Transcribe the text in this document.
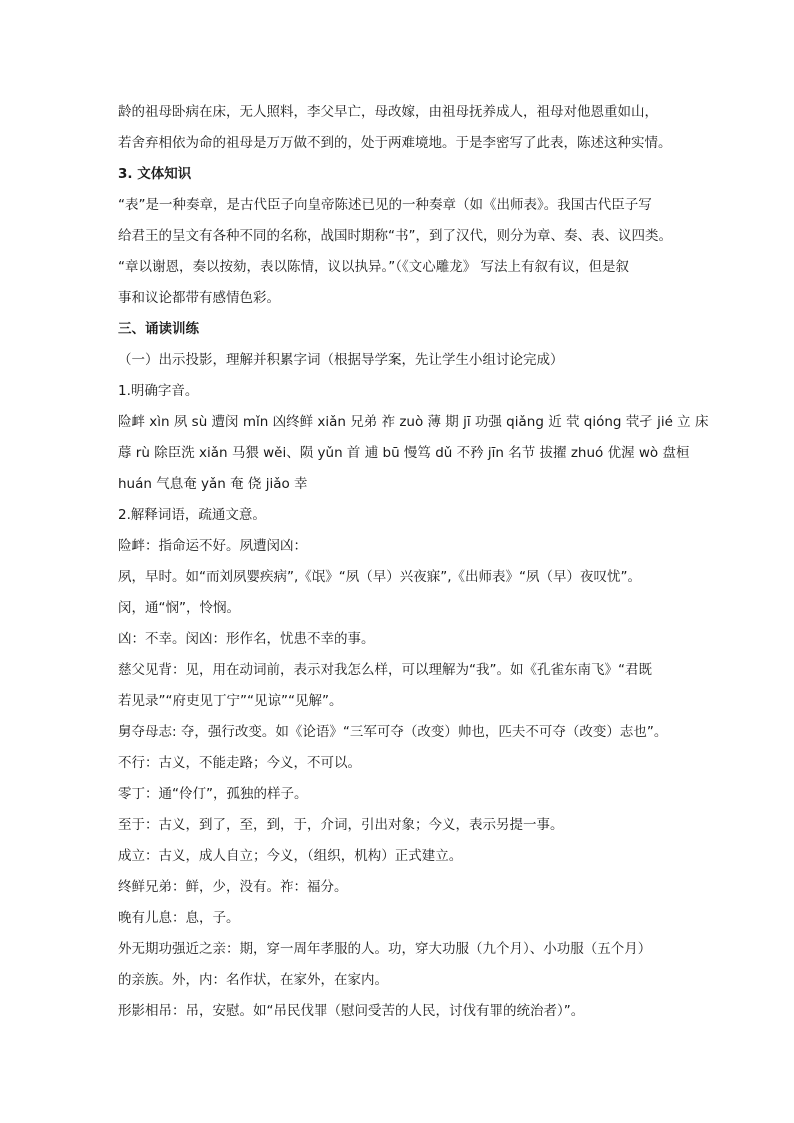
龄的祖母卧病在床，无人照料，李父早亡，母改嫁，由祖母抚养成人，祖母对他恩重如山，
若舍弃相依为命的祖母是万万做不到的，处于两难境地。于是李密写了此表，陈述这种实情。
3. 文体知识
“表”是一种奏章，是古代臣子向皇帝陈述已见的一种奏章（如《出师表》。我国古代臣子写
给君王的呈文有各种不同的名称，战国时期称“书”，到了汉代，则分为章、奏、表、议四类。
“章以谢恩，奏以按劾，表以陈情，议以执异。”（《文心雕龙》 写法上有叙有议，但是叙
事和议论都带有感情色彩。
三、诵读训练
（一）出示投影，理解并积累字词（根据导学案，先让学生小组讨论完成）
1.明确字音。
险衅 xìn 夙 sù 遭闵 mǐn 凶终鲜 xiǎn 兄弟 祚 zuò 薄 期 jī 功强 qiǎng 近 茕 qióng 茕孑 jié 立 床
蓐 rù 除臣洗 xiǎn 马猥 wěi、陨 yǔn 首 逋 bū 慢笃 dǔ 不矜 jīn 名节 拔擢 zhuó 优渥 wò 盘桓
huán 气息奄 yǎn 奄 侥 jiǎo 幸
2.解释词语，疏通文意。
险衅：指命运不好。夙遭闵凶：
夙，早时。如“而刘夙婴疾病”,《氓》“夙（早）兴夜寐”,《出师表》“夙（早）夜叹忧”。
闵，通“悯”，怜悯。
凶：不幸。闵凶：形作名，忧患不幸的事。
慈父见背：见，用在动词前，表示对我怎么样，可以理解为“我”。如《孔雀东南飞》“君既
若见录”“府吏见丁宁”“见谅”“见解”。
舅夺母志: 夺，强行改变。如《论语》“三军可夺（改变）帅也，匹夫不可夺（改变）志也”。
不行：古义，不能走路；今义，不可以。
零丁：通“伶仃”，孤独的样子。
至于：古义，到了，至，到，于，介词，引出对象；今义，表示另提一事。
成立：古义，成人自立；今义，（组织，机构）正式建立。
终鲜兄弟：鲜，少，没有。祚：福分。
晚有儿息：息，子。
外无期功强近之亲：期，穿一周年孝服的人。功，穿大功服（九个月）、小功服（五个月）
的亲族。外，内：名作状，在家外，在家内。
形影相吊：吊，安慰。如“吊民伐罪（慰问受苦的人民，讨伐有罪的统治者）”。
